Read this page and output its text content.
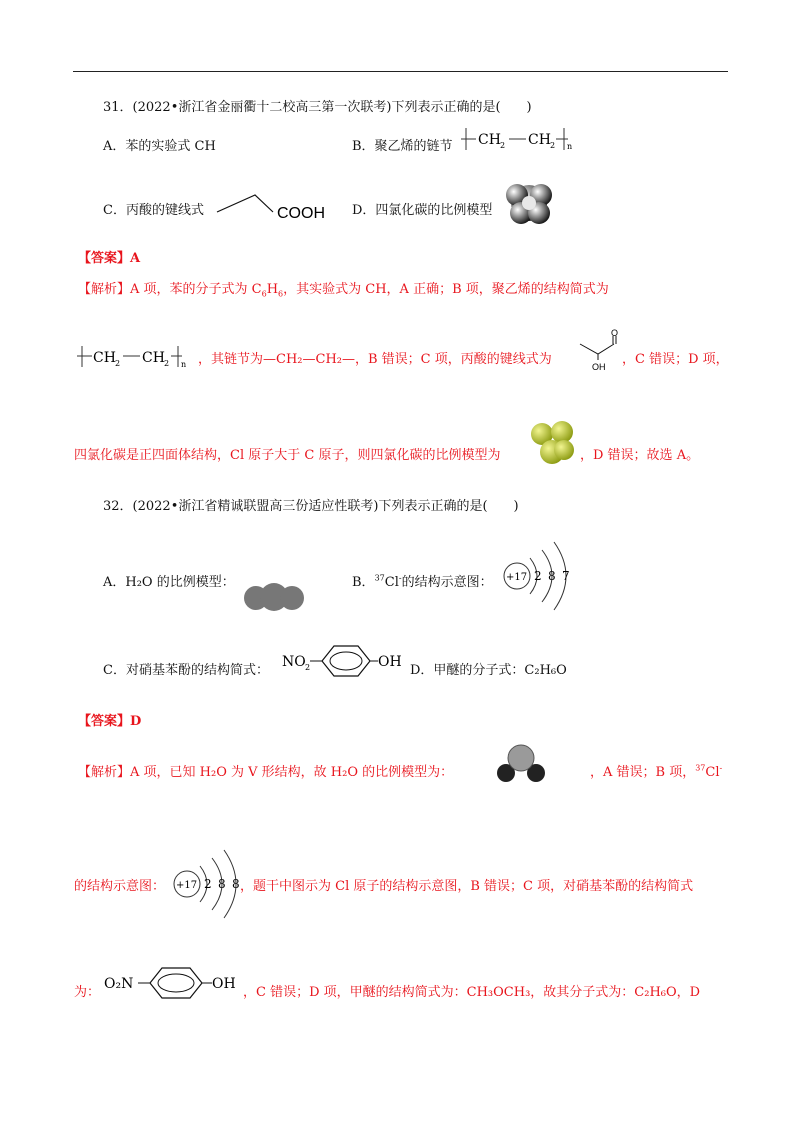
31．(2022•浙江省金丽衢十二校高三第一次联考)下列表示正确的是(　　)
A．苯的实验式 CH	B．聚乙烯的链节 CH 2 CH 2 n
C．丙酸的键线式	COOH D．四氯化碳的比例模型
【答案】A
【解析】A 项，苯的分子式为 $C_6H_6$，其实验式为 CH，A 正确；B 项，聚乙烯的结构简式为
CH 2 CH 2 n ，其链节为—CH₂—CH₂—，B 错误；C 项，丙酸的键线式为
O
OH ，C 错误；D 项，
四氯化碳是正四面体结构，Cl 原子大于 C 原子，则四氯化碳的比例模型为	，D 错误；故选 A。
32．(2022•浙江省精诚联盟高三份适应性联考)下列表示正确的是(　　)
A．H₂O 的比例模型：	B．$^{37}$Cl-的结构示意图： +17 2 8 7
C．对硝基苯酚的结构简式：
NO 2	OH
D．甲醚的分子式：C₂H₆O
【答案】D
【解析】A 项，已知 H₂O 为 V 形结构，故 H₂O 的比例模型为：	，A 错误；B 项，$^{37}$Cl-
的结构示意图： +17 2 8 8 ，题干中图示为 Cl 原子的结构示意图，B 错误；C 项，对硝基苯酚的结构简式
为：
O₂N	OH
，C 错误；D 项，甲醚的结构简式为：CH₃OCH₃，故其分子式为：C₂H₆O，D
